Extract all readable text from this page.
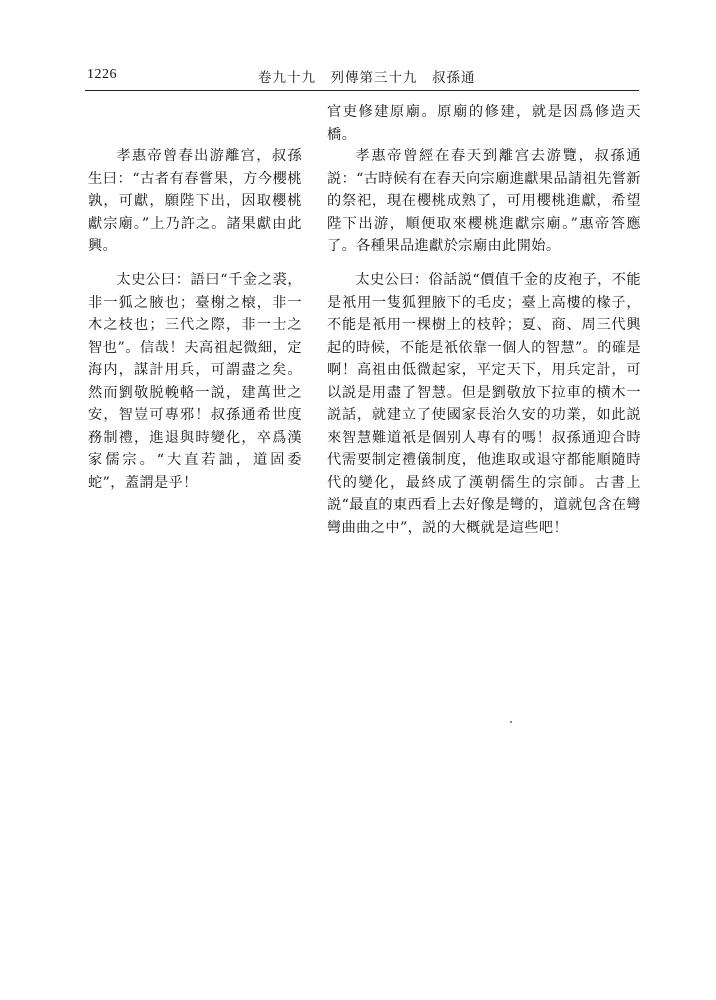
1226	卷九十九　列傳第三十九　叔孫通

孝惠帝曾春出游離宫，叔孫生曰：“古者有春嘗果，方今櫻桃孰，可獻，願陛下出，因取櫻桃獻宗廟。”上乃許之。諸果獻由此興。

太史公曰：語曰“千金之裘，非一狐之腋也；臺榭之榱，非一木之枝也；三代之際，非一士之智也”。信哉！夫高祖起微細，定海内，謀計用兵，可謂盡之矣。然而劉敬脱輓輅一説，建萬世之安，智豈可專邪！叔孫通希世度務制禮，進退與時變化，卒爲漢家儒宗。“大直若詘，道固委蛇”，蓋謂是乎！

官吏修建原廟。原廟的修建，就是因爲修造天橋。

孝惠帝曾經在春天到離宫去游覽，叔孫通説：“古時候有在春天向宗廟進獻果品請祖先嘗新的祭祀，現在櫻桃成熟了，可用櫻桃進獻，希望陛下出游，順便取來櫻桃進獻宗廟。”惠帝答應了。各種果品進獻於宗廟由此開始。

太史公曰：俗話説“價值千金的皮袍子，不能是衹用一隻狐狸腋下的毛皮；臺上高樓的椽子，不能是衹用一棵樹上的枝幹；夏、商、周三代興起的時候，不能是衹依靠一個人的智慧”。的確是啊！高祖由低微起家，平定天下，用兵定計，可以説是用盡了智慧。但是劉敬放下拉車的横木一説話，就建立了使國家長治久安的功業，如此説來智慧難道衹是個别人專有的嗎！叔孫通迎合時代需要制定禮儀制度，他進取或退守都能順隨時代的變化，最終成了漢朝儒生的宗師。古書上説“最直的東西看上去好像是彎的，道就包含在彎彎曲曲之中”，説的大概就是這些吧！
